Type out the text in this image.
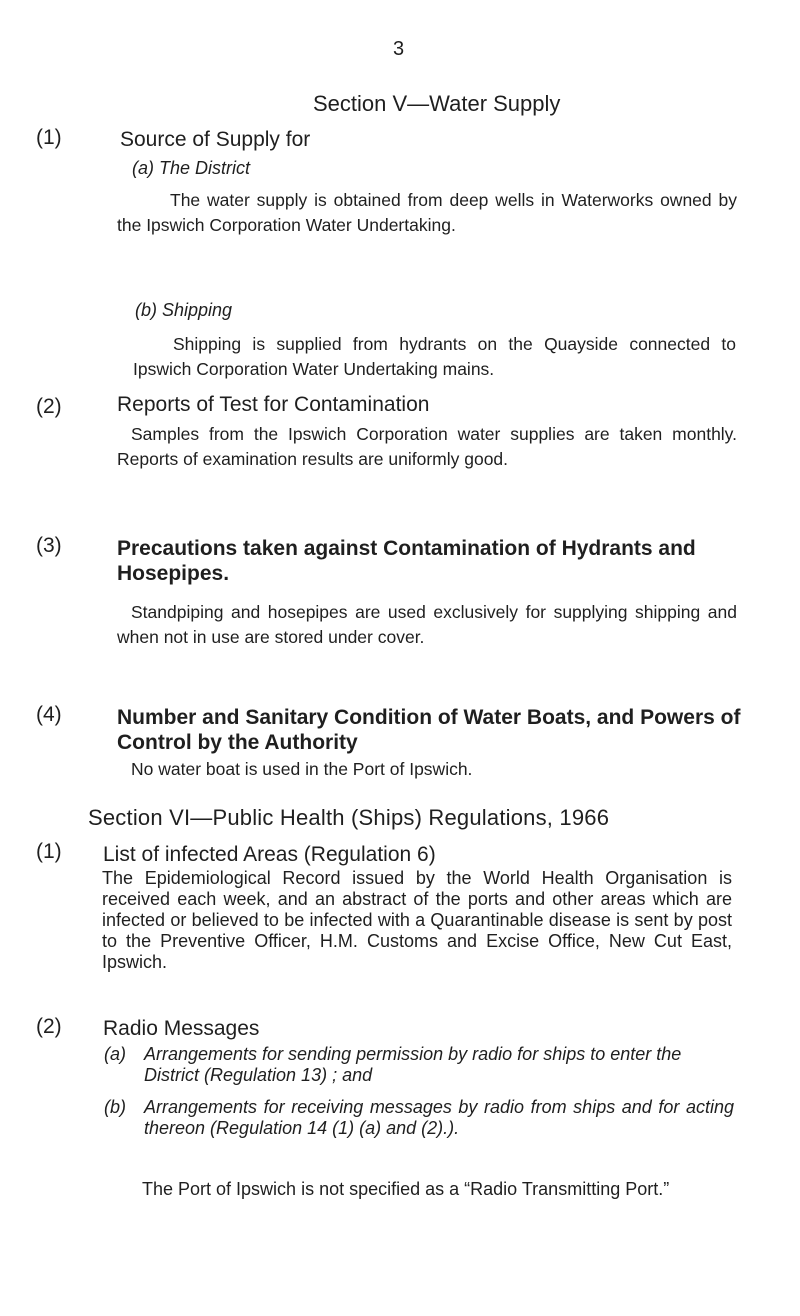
3
Section V—Water Supply
(1)	Source of Supply for
(a) The District
The water supply is obtained from deep wells in Waterworks owned by the Ipswich Corporation Water Undertaking.
(b) Shipping
Shipping is supplied from hydrants on the Quayside connected to Ipswich Corporation Water Undertaking mains.
(2)	Reports of Test for Contamination
Samples from the Ipswich Corporation water supplies are taken monthly. Reports of examination results are uniformly good.
(3)	Precautions taken against Contamination of Hydrants and Hosepipes.
Standpiping and hosepipes are used exclusively for supplying shipping and when not in use are stored under cover.
(4)	Number and Sanitary Condition of Water Boats, and Powers of Control by the Authority
No water boat is used in the Port of Ipswich.
Section VI—Public Health (Ships) Regulations, 1966
(1) List of infected Areas (Regulation 6)
The Epidemiological Record issued by the World Health Organisation is received each week, and an abstract of the ports and other areas which are infected or believed to be infected with a Quarantinable disease is sent by post to the Preventive Officer, H.M. Customs and Excise Office, New Cut East, Ipswich.
(2) Radio Messages
(a) Arrangements for sending permission by radio for ships to enter the District (Regulation 13) ; and
(b) Arrangements for receiving messages by radio from ships and for acting thereon (Regulation 14 (1) (a) and (2).).
The Port of Ipswich is not specified as a “Radio Transmitting Port.”
